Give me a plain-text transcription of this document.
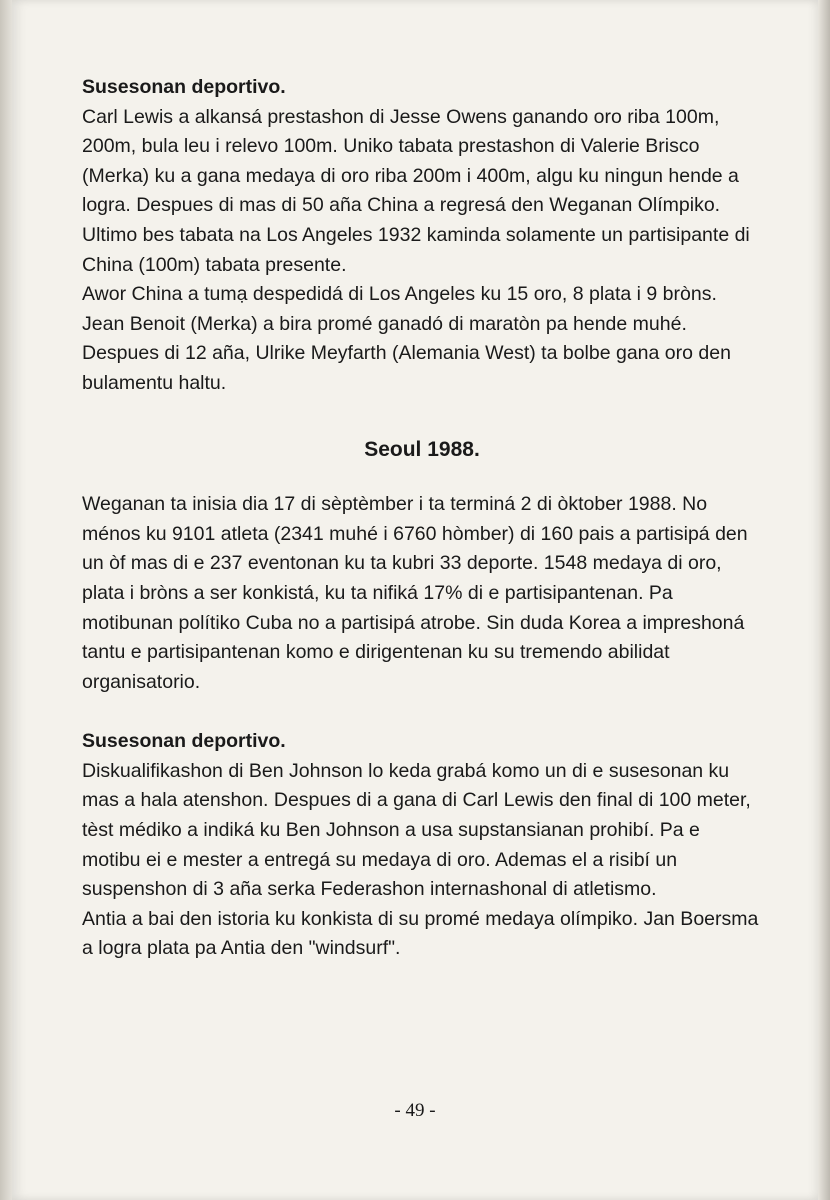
Susesonan deportivo.

Carl Lewis a alkansá prestashon di Jesse Owens ganando oro riba 100m, 200m, bula leu i relevo 100m. Uniko tabata prestashon di Valerie Brisco (Merka) ku a gana medaya di oro riba 200m i 400m, algu ku ningun hende a logra. Despues di mas di 50 aña China a regresá den Weganan Olímpiko. Ultimo bes tabata na Los Angeles 1932 kaminda solamente un partisipante di China (100m) tabata presente.

Awor China a tumạ despedidá di Los Angeles ku 15 oro, 8 plata i 9 bròns. Jean Benoit (Merka) a bira promé ganadó di maratòn pa hende muhé. Despues di 12 aña, Ulrike Meyfarth (Alemania West) ta bolbe gana oro den bulamentu haltu.

Seoul 1988.

Weganan ta inisia dia 17 di sèptèmber i ta terminá 2 di òktober 1988. No ménos ku 9101 atleta (2341 muhé i 6760 hòmber) di 160 pais a partisipá den un òf mas di e 237 eventonan ku ta kubri 33 deporte. 1548 medaya di oro, plata i bròns a ser konkistá, ku ta nifiká 17% di e partisipantenan. Pa motibunan polítiko Cuba no a partisipá atrobe. Sin duda Korea a impreshoná tantu e partisipantenan komo e dirigentenan ku su tremendo abilidat organisatorio.

Susesonan deportivo.

Diskualifikashon di Ben Johnson lo keda grabá komo un di e susesonan ku mas a hala atenshon. Despues di a gana di Carl Lewis den final di 100 meter, tèst médiko a indiká ku Ben Johnson a usa supstansianan prohibí. Pa e motibu ei e mester a entregá su medaya di oro. Ademas el a risibí un suspenshon di 3 aña serka Federashon internashonal di atletismo.

Antia a bai den istoria ku konkista di su promé medaya olímpiko. Jan Boersma a logra plata pa Antia den "windsurf".

- 49 -
